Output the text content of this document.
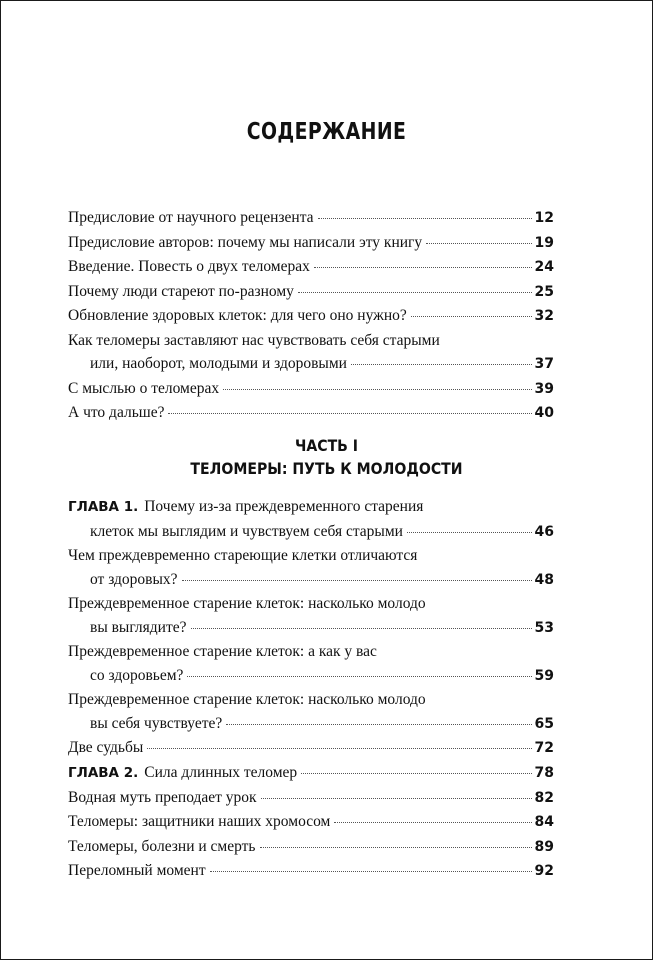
СОДЕРЖАНИЕ
Предисловие от научного рецензента	12
Предисловие авторов: почему мы написали эту книгу	19
Введение. Повесть о двух теломерах	24
Почему люди стареют по-разному	25
Обновление здоровых клеток: для чего оно нужно?	32
Как теломеры заставляют нас чувствовать себя старыми
или, наоборот, молодыми и здоровыми	37
С мыслью о теломерах	39
А что дальше?	40
ЧАСТЬ I
ТЕЛОМЕРЫ: ПУТЬ К МОЛОДОСТИ
ГЛАВА 1. Почему из-за преждевременного старения
клеток мы выглядим и чувствуем себя старыми	46
Чем преждевременно стареющие клетки отличаются
от здоровых?	48
Преждевременное старение клеток: насколько молодо
вы выглядите?	53
Преждевременное старение клеток: а как у вас
со здоровьем?	59
Преждевременное старение клеток: насколько молодо
вы себя чувствуете?	65
Две судьбы	72
ГЛАВА 2. Сила длинных теломер	78
Водная муть преподает урок	82
Теломеры: защитники наших хромосом	84
Теломеры, болезни и смерть	89
Переломный момент	92
